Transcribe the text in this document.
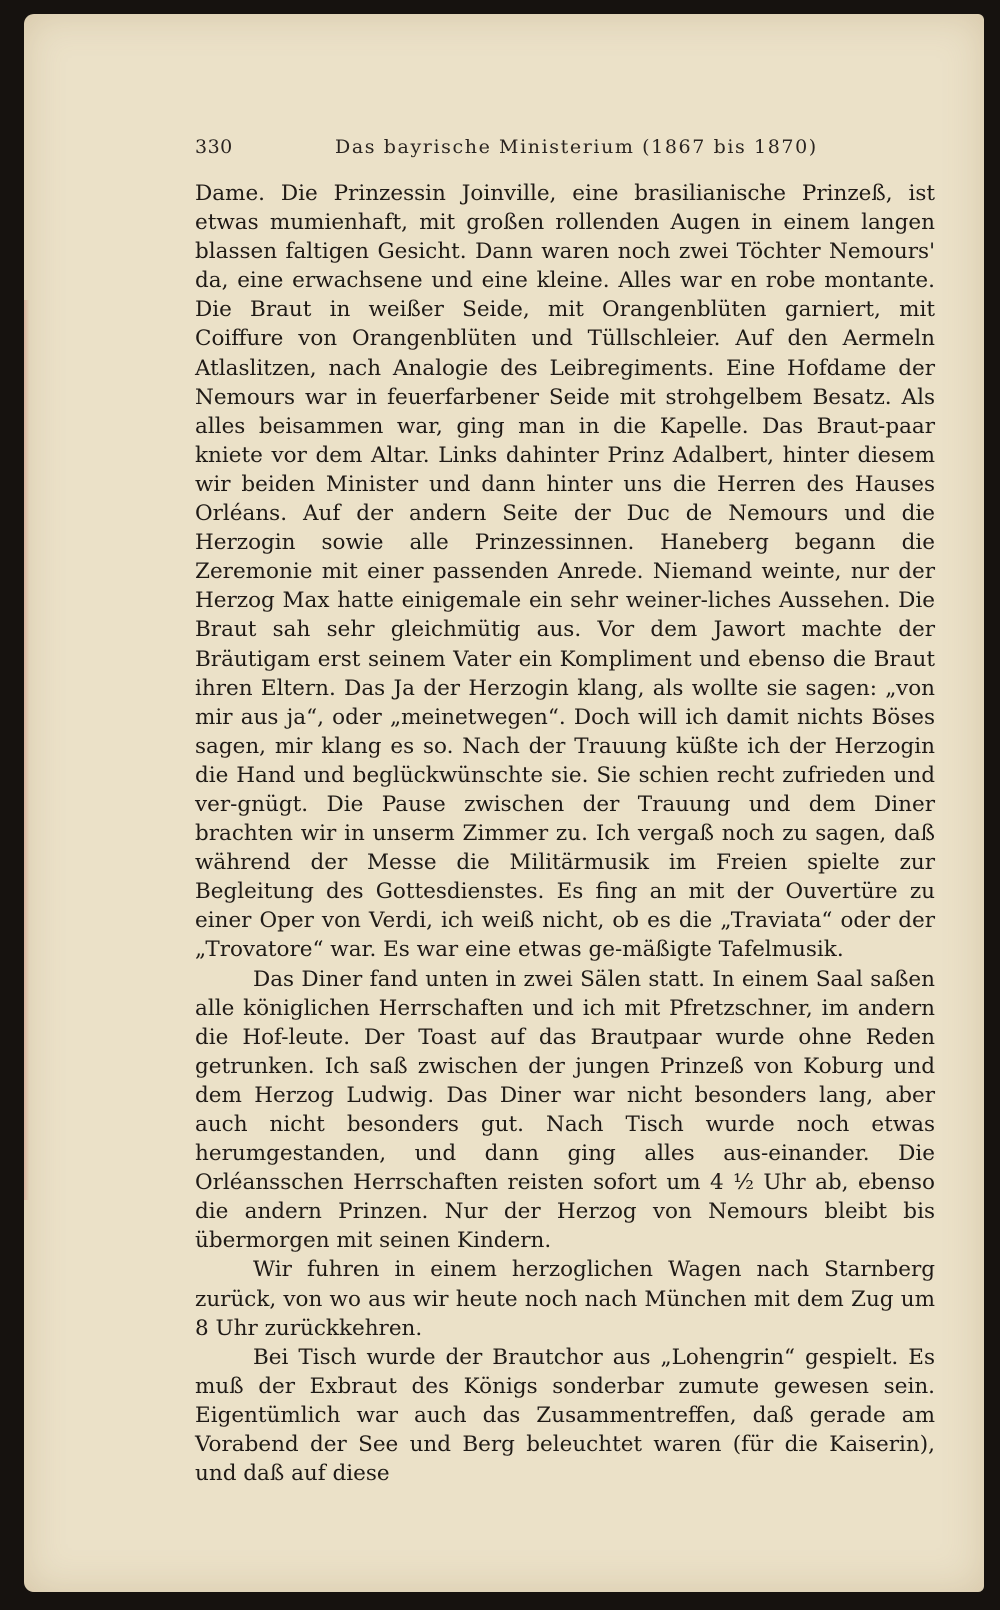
330	Das bayrische Ministerium (1867 bis 1870)

Dame. Die Prinzessin Joinville, eine brasilianische Prinzeß, ist etwas mumienhaft, mit großen rollenden Augen in einem langen blassen faltigen Gesicht. Dann waren noch zwei Töchter Nemours' da, eine erwachsene und eine kleine. Alles war en robe montante. Die Braut in weißer Seide, mit Orangenblüten garniert, mit Coiffure von Orangenblüten und Tüllschleier. Auf den Aermeln Atlaslitzen, nach Analogie des Leibregiments. Eine Hofdame der Nemours war in feuerfarbener Seide mit strohgelbem Besatz. Als alles beisammen war, ging man in die Kapelle. Das Braut-paar kniete vor dem Altar. Links dahinter Prinz Adalbert, hinter diesem wir beiden Minister und dann hinter uns die Herren des Hauses Orléans. Auf der andern Seite der Duc de Nemours und die Herzogin sowie alle Prinzessinnen. Haneberg begann die Zeremonie mit einer passenden Anrede. Niemand weinte, nur der Herzog Max hatte einigemale ein sehr weiner-liches Aussehen. Die Braut sah sehr gleichmütig aus. Vor dem Jawort machte der Bräutigam erst seinem Vater ein Kompliment und ebenso die Braut ihren Eltern. Das Ja der Herzogin klang, als wollte sie sagen: „von mir aus ja“, oder „meinetwegen“. Doch will ich damit nichts Böses sagen, mir klang es so. Nach der Trauung küßte ich der Herzogin die Hand und beglückwünschte sie. Sie schien recht zufrieden und ver-gnügt. Die Pause zwischen der Trauung und dem Diner brachten wir in unserm Zimmer zu. Ich vergaß noch zu sagen, daß während der Messe die Militärmusik im Freien spielte zur Begleitung des Gottesdienstes. Es fing an mit der Ouvertüre zu einer Oper von Verdi, ich weiß nicht, ob es die „Traviata“ oder der „Trovatore“ war. Es war eine etwas ge-mäßigte Tafelmusik.

Das Diner fand unten in zwei Sälen statt. In einem Saal saßen alle königlichen Herrschaften und ich mit Pfretzschner, im andern die Hof-leute. Der Toast auf das Brautpaar wurde ohne Reden getrunken. Ich saß zwischen der jungen Prinzeß von Koburg und dem Herzog Ludwig. Das Diner war nicht besonders lang, aber auch nicht besonders gut. Nach Tisch wurde noch etwas herumgestanden, und dann ging alles aus-einander. Die Orléansschen Herrschaften reisten sofort um 4 ½ Uhr ab, ebenso die andern Prinzen. Nur der Herzog von Nemours bleibt bis übermorgen mit seinen Kindern.

Wir fuhren in einem herzoglichen Wagen nach Starnberg zurück, von wo aus wir heute noch nach München mit dem Zug um 8 Uhr zurückkehren.

Bei Tisch wurde der Brautchor aus „Lohengrin“ gespielt. Es muß der Exbraut des Königs sonderbar zumute gewesen sein. Eigentümlich war auch das Zusammentreffen, daß gerade am Vorabend der See und Berg beleuchtet waren (für die Kaiserin), und daß auf diese
